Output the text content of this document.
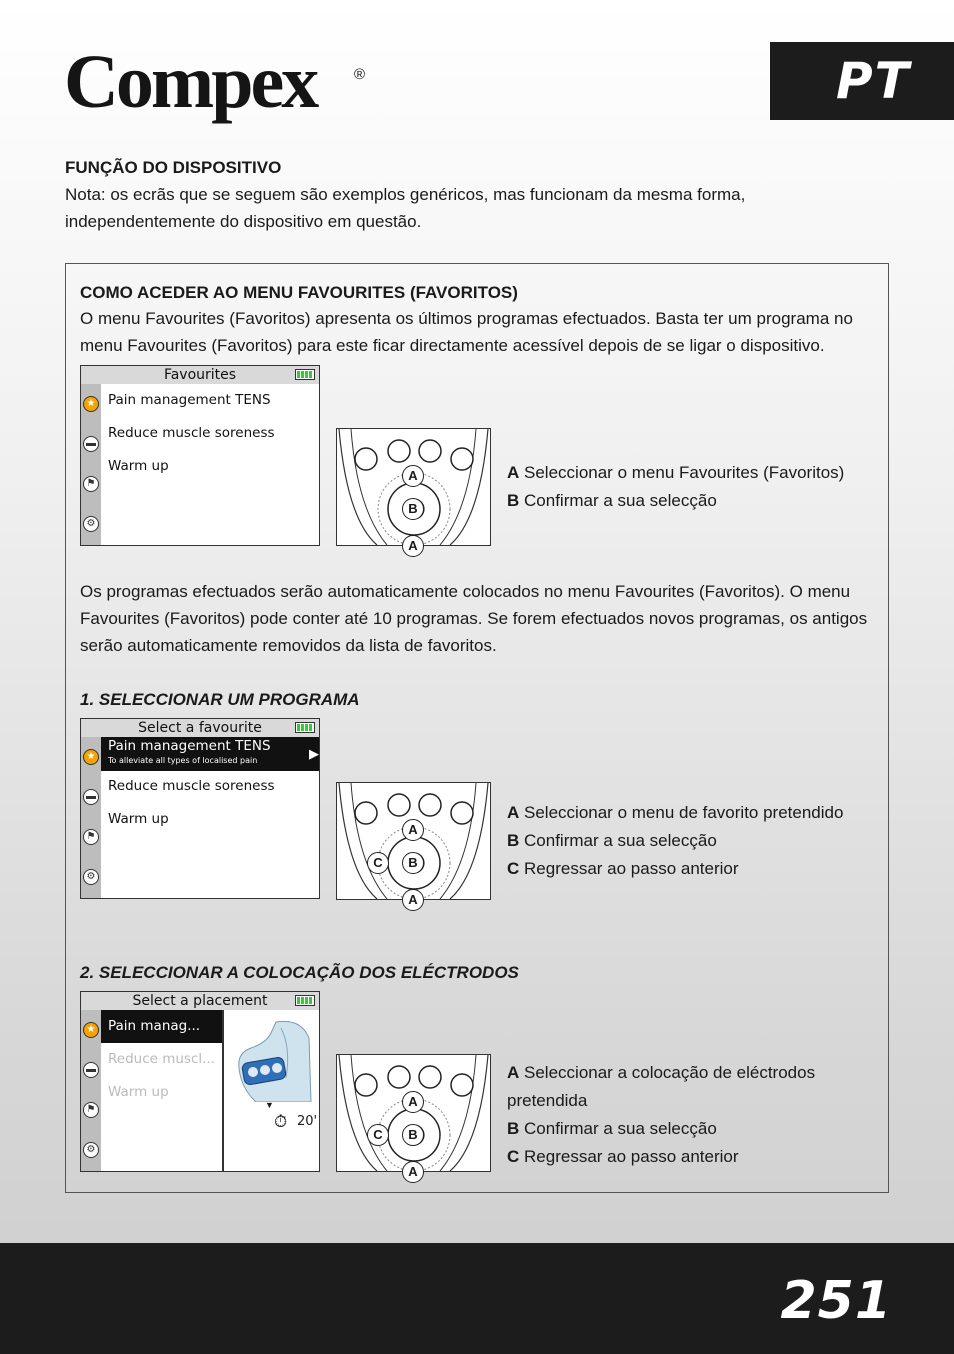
Compex	®	PT
FUNÇÃO DO DISPOSITIVO

Nota: os ecrãs que se seguem são exemplos genéricos, mas funcionam da mesma forma,

independentemente do dispositivo em questão.

COMO ACEDER AO MENU FAVOURITES (FAVORITOS)

O menu Favourites (Favoritos) apresenta os últimos programas efectuados. Basta ter um programa no

menu Favourites (Favoritos) para este ficar directamente acessível depois de se ligar o dispositivo.

Favourites
★
▬
⚑
⚙
Pain management TENS
Reduce muscle soreness
Warm up
A
B
A
A Seleccionar o menu Favourites (Favoritos)
B Confirmar a sua selecção

Os programas efectuados serão automaticamente colocados no menu Favourites (Favoritos). O menu

Favourites (Favoritos) pode conter até 10 programas. Se forem efectuados novos programas, os antigos

serão automaticamente removidos da lista de favoritos.

1. SELECCIONAR UM PROGRAMA
Select a favourite
★
▬
⚑
⚙
Pain management TENS
To alleviate all types of localised pain	▶
Reduce muscle soreness
Warm up
A
B
C
A
A Seleccionar o menu de favorito pretendido
B Confirmar a sua selecção
C Regressar ao passo anterior
2. SELECCIONAR A COLOCAÇÃO DOS ELÉCTRODOS
Select a placement
★
▬
⚑
⚙
Pain manag...
Reduce muscl...
Warm up
▼
⏱ 20'
A
B
C
A
A Seleccionar a colocação de eléctrodos
pretendida
B Confirmar a sua selecção
C Regressar ao passo anterior
251
